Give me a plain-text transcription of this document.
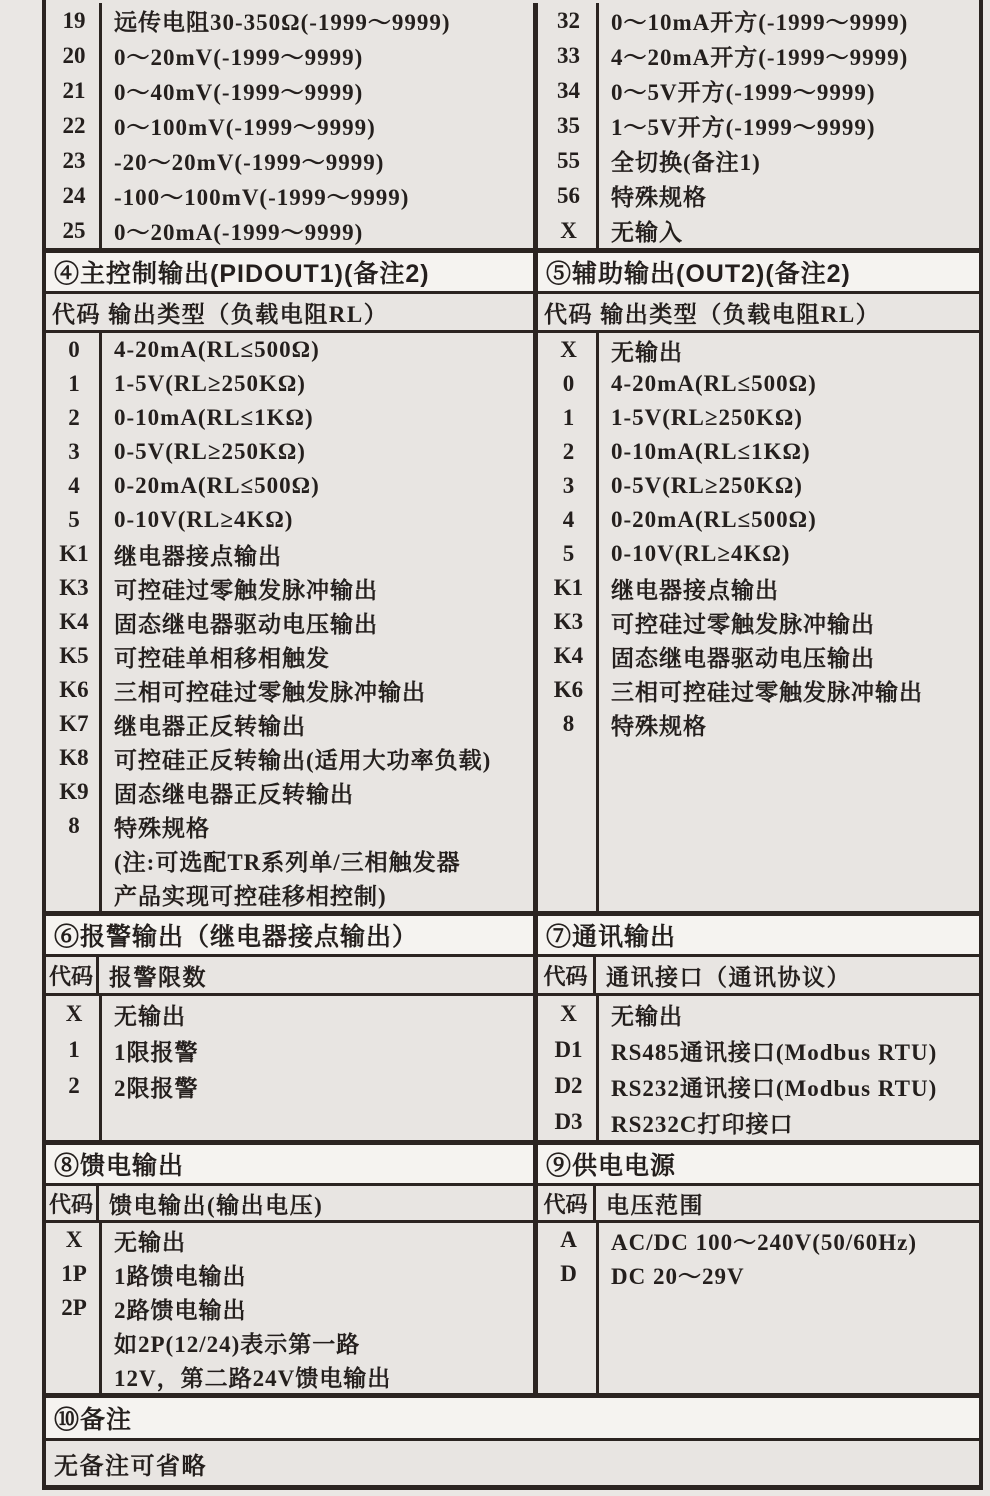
19	远传电阻30-350Ω(-1999～9999)
20	0～20mV(-1999～9999)
21	0～40mV(-1999～9999)
22	0～100mV(-1999～9999)
23	-20～20mV(-1999～9999)
24	-100～100mV(-1999～9999)
25	0～20mA(-1999～9999)
32	0～10mA开方(-1999～9999)
33	4～20mA开方(-1999～9999)
34	0～5V开方(-1999～9999)
35	1～5V开方(-1999～9999)
55	全切换(备注1)
56	特殊规格
X	无输入
④主控制输出(PIDOUT1)(备注2)
代码 输出类型（负载电阻RL）
0	4-20mA(RL≤500Ω)
1	1-5V(RL≥250KΩ)
2	0-10mA(RL≤1KΩ)
3	0-5V(RL≥250KΩ)
4	0-20mA(RL≤500Ω)
5	0-10V(RL≥4KΩ)
K1	继电器接点输出
K3	可控硅过零触发脉冲输出
K4	固态继电器驱动电压输出
K5	可控硅单相移相触发
K6	三相可控硅过零触发脉冲输出
K7	继电器正反转输出
K8	可控硅正反转输出(适用大功率负载)
K9	固态继电器正反转输出
8	特殊规格
(注:可选配TR系列单/三相触发器
产品实现可控硅移相控制)
⑤辅助输出(OUT2)(备注2)
代码 输出类型（负载电阻RL）
X	无输出
0	4-20mA(RL≤500Ω)
1	1-5V(RL≥250KΩ)
2	0-10mA(RL≤1KΩ)
3	0-5V(RL≥250KΩ)
4	0-20mA(RL≤500Ω)
5	0-10V(RL≥4KΩ)
K1	继电器接点输出
K3	可控硅过零触发脉冲输出
K4	固态继电器驱动电压输出
K6	三相可控硅过零触发脉冲输出
8	特殊规格
⑥报警输出（继电器接点输出）
代码 报警限数
X	无输出
1	1限报警
2	2限报警
⑦通讯输出
代码 通讯接口（通讯协议）
X	无输出
D1	RS485通讯接口(Modbus RTU)
D2	RS232通讯接口(Modbus RTU)
D3	RS232C打印接口
⑧馈电输出
代码 馈电输出(输出电压)
X	无输出
1P	1路馈电输出
2P	2路馈电输出
如2P(12/24)表示第一路
12V，第二路24V馈电输出
⑨供电电源
代码 电压范围
A	AC/DC 100～240V(50/60Hz)
D	DC 20～29V
⑩备注
无备注可省略
